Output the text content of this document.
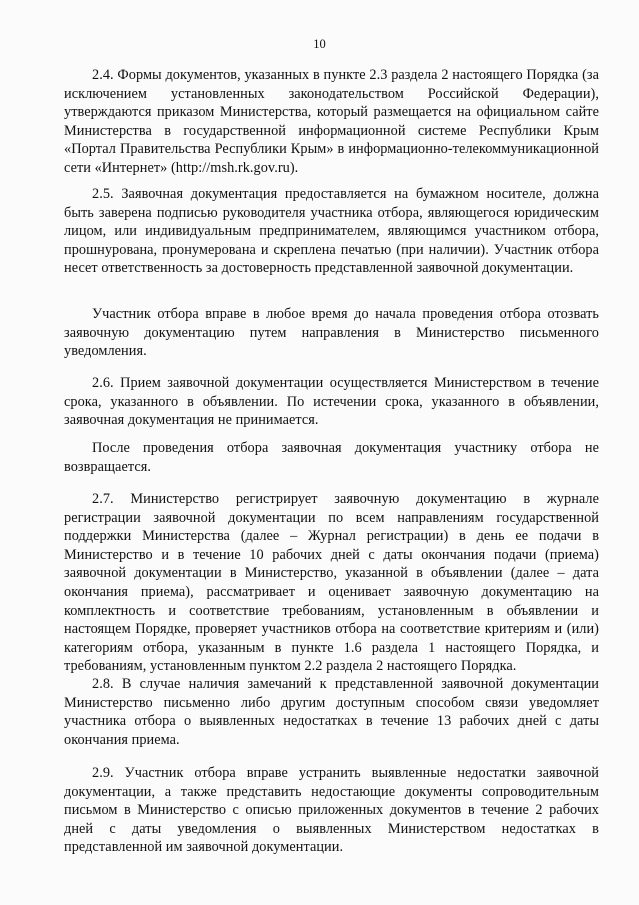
10

2.4. Формы документов, указанных в пункте 2.3 раздела 2 настоящего Порядка (за исключением установленных законодательством Российской Федерации), утверждаются приказом Министерства, который размещается на официальном сайте Министерства в государственной информационной системе Республики Крым «Портал Правительства Республики Крым» в информационно-телекоммуникационной сети «Интернет» (http://msh.rk.gov.ru).

2.5. Заявочная документация предоставляется на бумажном носителе, должна быть заверена подписью руководителя участника отбора, являющегося юридическим лицом, или индивидуальным предпринимателем, являющимся участником отбора, прошнурована, пронумерована и скреплена печатью (при наличии). Участник отбора несет ответственность за достоверность представленной заявочной документации.

Участник отбора вправе в любое время до начала проведения отбора отозвать заявочную документацию путем направления в Министерство письменного уведомления.

2.6. Прием заявочной документации осуществляется Министерством в течение срока, указанного в объявлении. По истечении срока, указанного в объявлении, заявочная документация не принимается.

После проведения отбора заявочная документация участнику отбора не возвращается.

2.7. Министерство регистрирует заявочную документацию в журнале регистрации заявочной документации по всем направлениям государственной поддержки Министерства (далее – Журнал регистрации) в день ее подачи в Министерство и в течение 10 рабочих дней с даты окончания подачи (приема) заявочной документации в Министерство, указанной в объявлении (далее – дата окончания приема), рассматривает и оценивает заявочную документацию на комплектность и соответствие требованиям, установленным в объявлении и настоящем Порядке, проверяет участников отбора на соответствие критериям и (или) категориям отбора, указанным в пункте 1.6 раздела 1 настоящего Порядка, и требованиям, установленным пунктом 2.2 раздела 2 настоящего Порядка.

2.8. В случае наличия замечаний к представленной заявочной документации Министерство письменно либо другим доступным способом связи уведомляет участника отбора о выявленных недостатках в течение 13 рабочих дней с даты окончания приема.

2.9. Участник отбора вправе устранить выявленные недостатки заявочной документации, а также представить недостающие документы сопроводительным письмом в Министерство с описью приложенных документов в течение 2 рабочих дней с даты уведомления о выявленных Министерством недостатках в представленной им заявочной документации.
